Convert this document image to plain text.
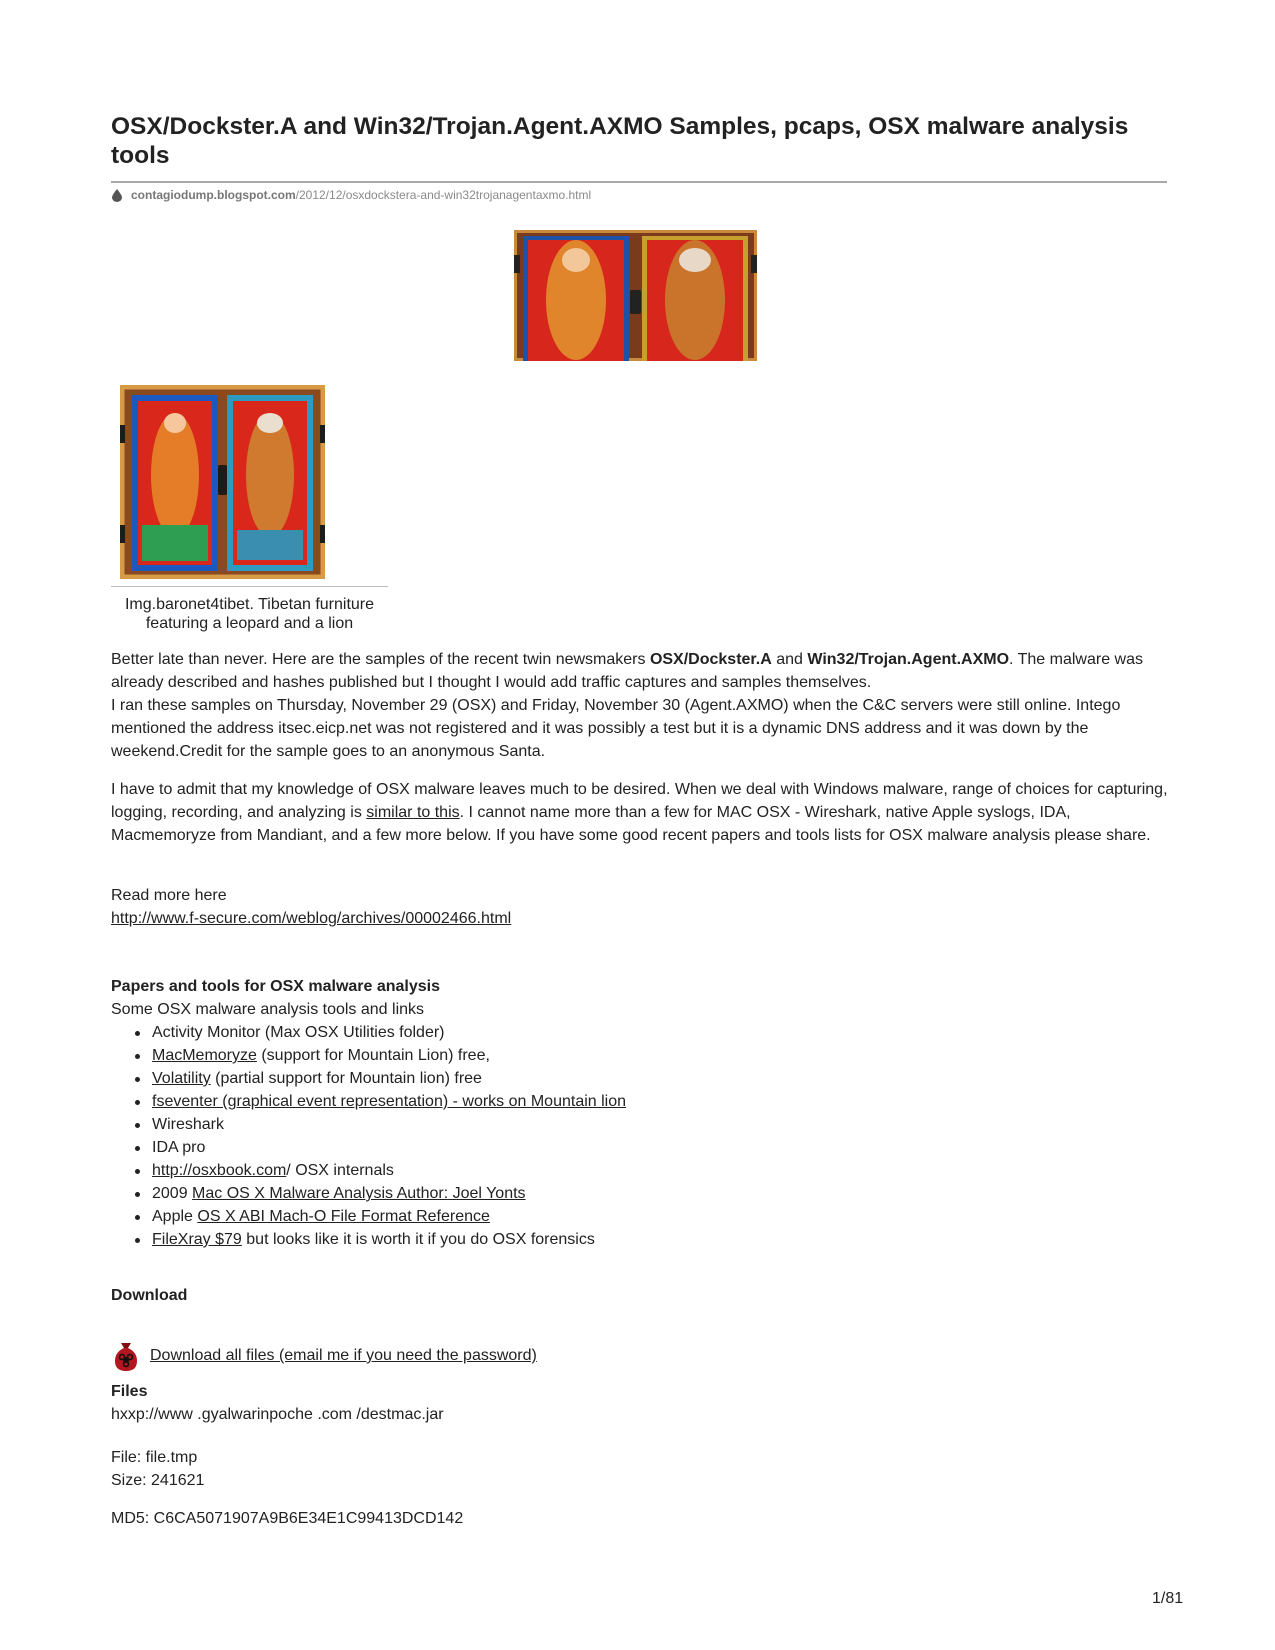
OSX/Dockster.A and Win32/Trojan.Agent.AXMO Samples, pcaps, OSX malware analysis tools
contagiodump.blogspot.com /2012/12/osxdockstera-and-win32trojanagentaxmo.html
Img.baronet4tibet. Tibetan furniture featuring a leopard and a lion

Better late than never. Here are the samples of the recent twin newsmakers OSX/Dockster.A and Win32/Trojan.Agent.AXMO. The malware was already described and hashes published but I thought I would add traffic captures and samples themselves.
I ran these samples on Thursday, November 29 (OSX) and Friday, November 30 (Agent.AXMO) when the C&C servers were still online. Intego mentioned the address itsec.eicp.net was not registered and it was possibly a test but it is a dynamic DNS address and it was down by the weekend.Credit for the sample goes to an anonymous Santa.

I have to admit that my knowledge of OSX malware leaves much to be desired. When we deal with Windows malware, range of choices for capturing, logging, recording, and analyzing is similar to this. I cannot name more than a few for MAC OSX - Wireshark, native Apple syslogs, IDA, Macmemoryze from Mandiant, and a few more below. If you have some good recent papers and tools lists for OSX malware analysis please share.

Read more here

http://www.f-secure.com/weblog/archives/00002466.html

Papers and tools for OSX malware analysis

Some OSX malware analysis tools and links

Activity Monitor (Max OSX Utilities folder)
MacMemoryze (support for Mountain Lion) free,
Volatility (partial support for Mountain lion) free
fseventer (graphical event representation) - works on Mountain lion
Wireshark
IDA pro
http://osxbook.com/ OSX internals
2009 Mac OS X Malware Analysis Author: Joel Yonts
Apple OS X ABI Mach-O File Format Reference
FileXray $79 but looks like it is worth it if you do OSX forensics

Download

Download all files (email me if you need the password)

Files

hxxp://www .gyalwarinpoche .com /destmac.jar

File: file.tmp

Size: 241621

MD5: C6CA5071907A9B6E34E1C99413DCD142

1/81
